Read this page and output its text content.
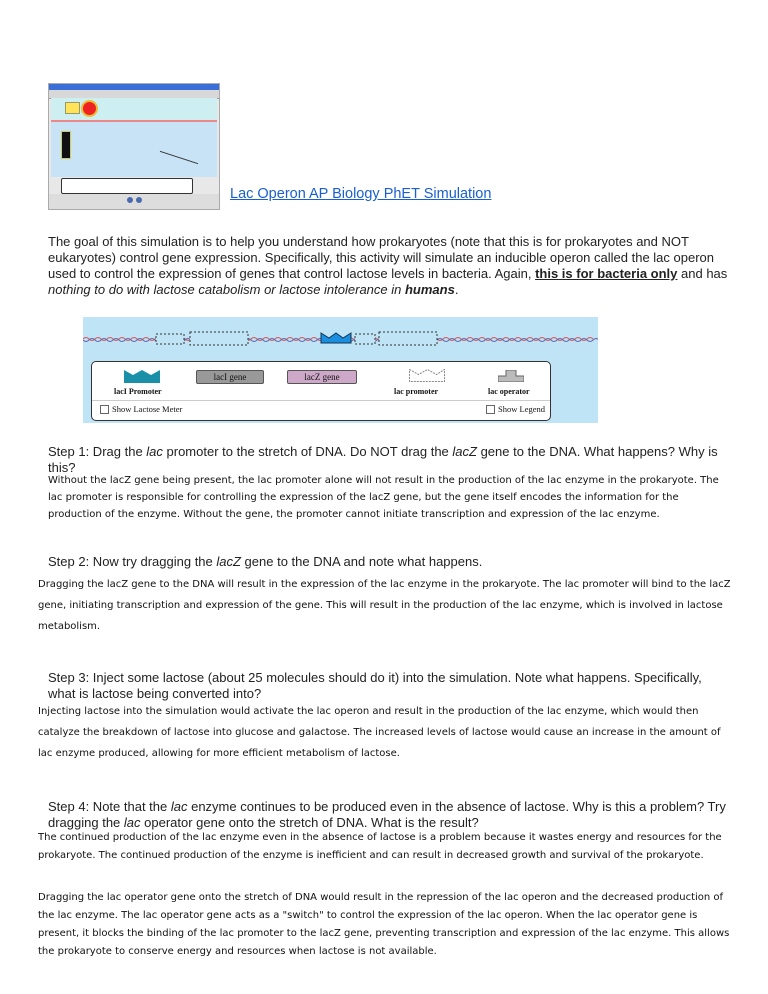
Lac Operon AP Biology PhET Simulation

The goal of this simulation is to help you understand how prokaryotes (note that this is for prokaryotes and NOT eukaryotes) control gene expression. Specifically, this activity will simulate an inducible operon called the lac operon used to control the expression of genes that control lactose levels in bacteria. Again, this is for bacteria only and has nothing to do with lactose catabolism or lactose intolerance in humans.

lacI Promoter
lacI gene	lacZ gene
lac promoter	lac operator
Show Lactose Meter	Show Legend

Step 1: Drag the lac promoter to the stretch of DNA. Do NOT drag the lacZ gene to the DNA. What happens? Why is this?

Without the lacZ gene being present, the lac promoter alone will not result in the production of the lac enzyme in the prokaryote. The lac promoter is responsible for controlling the expression of the lacZ gene, but the gene itself encodes the information for the production of the enzyme. Without the gene, the promoter cannot initiate transcription and expression of the lac enzyme.

Step 2: Now try dragging the lacZ gene to the DNA and note what happens.

Dragging the lacZ gene to the DNA will result in the expression of the lac enzyme in the prokaryote. The lac promoter will bind to the lacZ gene, initiating transcription and expression of the gene. This will result in the production of the lac enzyme, which is involved in lactose metabolism.

Step 3: Inject some lactose (about 25 molecules should do it) into the simulation. Note what happens. Specifically, what is lactose being converted into?

Injecting lactose into the simulation would activate the lac operon and result in the production of the lac enzyme, which would then catalyze the breakdown of lactose into glucose and galactose. The increased levels of lactose would cause an increase in the amount of lac enzyme produced, allowing for more efficient metabolism of lactose.

Step 4: Note that the lac enzyme continues to be produced even in the absence of lactose. Why is this a problem? Try dragging the lac operator gene onto the stretch of DNA. What is the result?

The continued production of the lac enzyme even in the absence of lactose is a problem because it wastes energy and resources for the prokaryote. The continued production of the enzyme is inefficient and can result in decreased growth and survival of the prokaryote.

Dragging the lac operator gene onto the stretch of DNA would result in the repression of the lac operon and the decreased production of the lac enzyme. The lac operator gene acts as a "switch" to control the expression of the lac operon. When the lac operator gene is present, it blocks the binding of the lac promoter to the lacZ gene, preventing transcription and expression of the lac enzyme. This allows the prokaryote to conserve energy and resources when lactose is not available.
